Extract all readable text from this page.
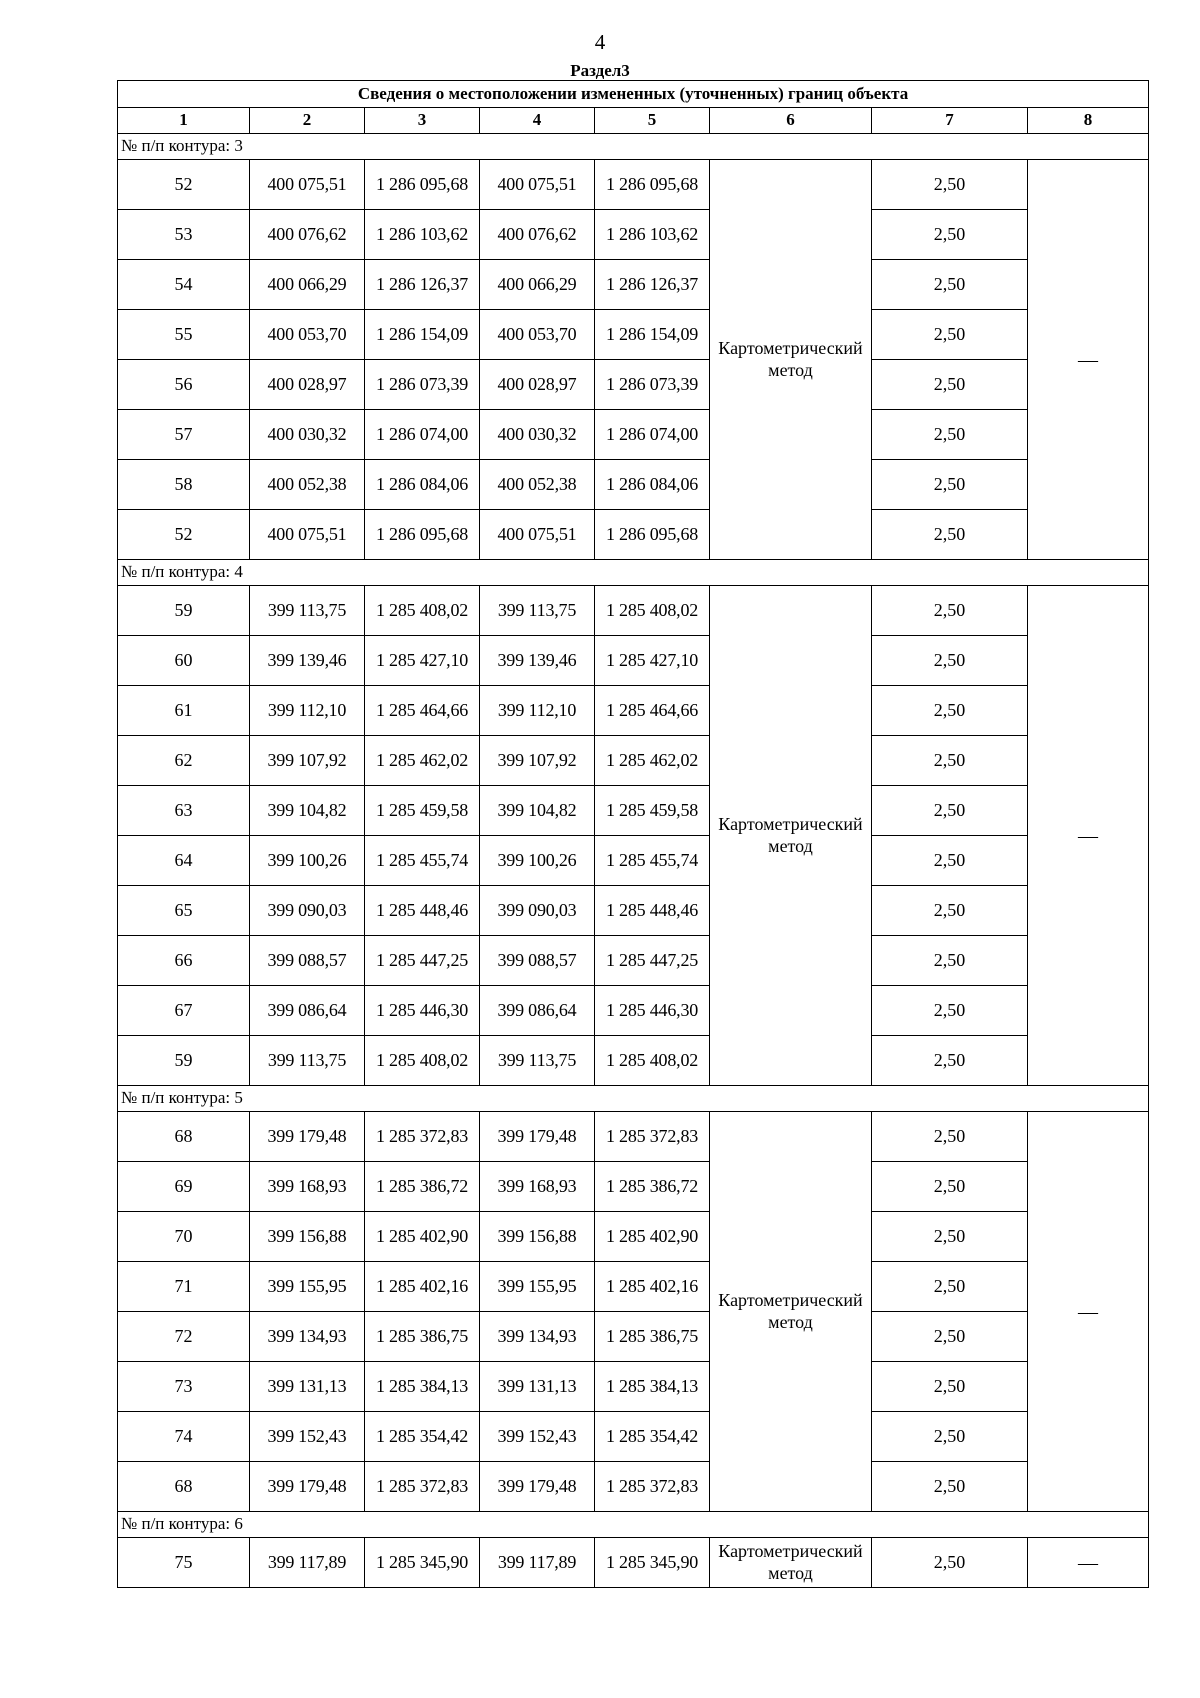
4
Раздел3
Сведения о местоположении измененных (уточненных) границ объекта							
1	2	3	4	5	6	7	8
№ п/п контура: 3							
52	400 075,51	1 286 095,68	400 075,51	1 286 095,68	Картометрический метод	2,50	—
53	400 076,62	1 286 103,62	400 076,62	1 286 103,62		2,50	
54	400 066,29	1 286 126,37	400 066,29	1 286 126,37		2,50	
55	400 053,70	1 286 154,09	400 053,70	1 286 154,09		2,50	
56	400 028,97	1 286 073,39	400 028,97	1 286 073,39		2,50	
57	400 030,32	1 286 074,00	400 030,32	1 286 074,00		2,50	
58	400 052,38	1 286 084,06	400 052,38	1 286 084,06		2,50	
52	400 075,51	1 286 095,68	400 075,51	1 286 095,68		2,50	
№ п/п контура: 4							
59	399 113,75	1 285 408,02	399 113,75	1 285 408,02	Картометрический метод	2,50	—
60	399 139,46	1 285 427,10	399 139,46	1 285 427,10		2,50	
61	399 112,10	1 285 464,66	399 112,10	1 285 464,66		2,50	
62	399 107,92	1 285 462,02	399 107,92	1 285 462,02		2,50	
63	399 104,82	1 285 459,58	399 104,82	1 285 459,58		2,50	
64	399 100,26	1 285 455,74	399 100,26	1 285 455,74		2,50	
65	399 090,03	1 285 448,46	399 090,03	1 285 448,46		2,50	
66	399 088,57	1 285 447,25	399 088,57	1 285 447,25		2,50	
67	399 086,64	1 285 446,30	399 086,64	1 285 446,30		2,50	
59	399 113,75	1 285 408,02	399 113,75	1 285 408,02		2,50	
№ п/п контура: 5							
68	399 179,48	1 285 372,83	399 179,48	1 285 372,83	Картометрический метод	2,50	—
69	399 168,93	1 285 386,72	399 168,93	1 285 386,72		2,50	
70	399 156,88	1 285 402,90	399 156,88	1 285 402,90		2,50	
71	399 155,95	1 285 402,16	399 155,95	1 285 402,16		2,50	
72	399 134,93	1 285 386,75	399 134,93	1 285 386,75		2,50	
73	399 131,13	1 285 384,13	399 131,13	1 285 384,13		2,50	
74	399 152,43	1 285 354,42	399 152,43	1 285 354,42		2,50	
68	399 179,48	1 285 372,83	399 179,48	1 285 372,83		2,50	
№ п/п контура: 6							
75	399 117,89	1 285 345,90	399 117,89	1 285 345,90	Картометрический метод	2,50	—
